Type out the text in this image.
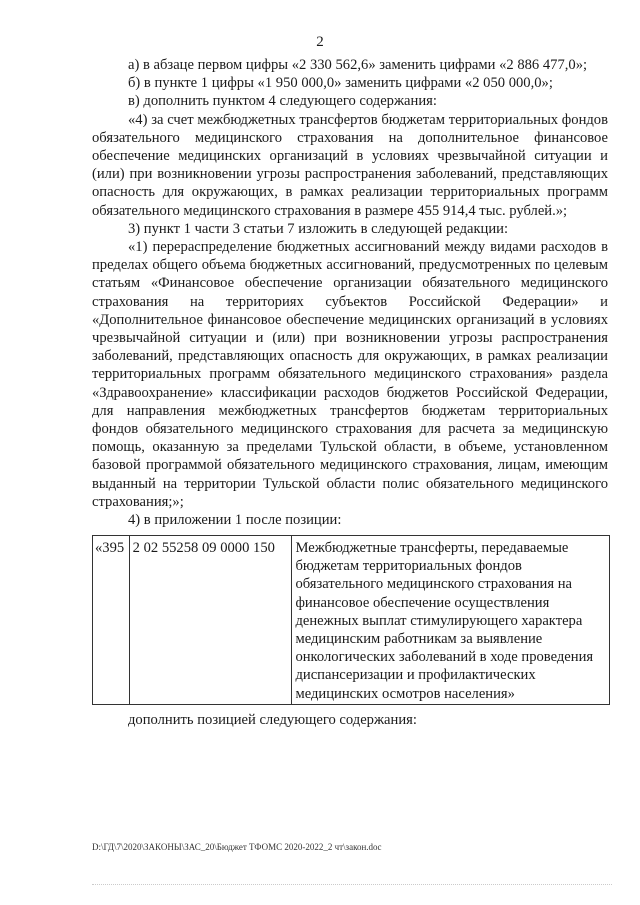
2

а) в абзаце первом цифры «2 330 562,6» заменить цифрами «2 886 477,0»;

б) в пункте 1 цифры «1 950 000,0» заменить цифрами «2 050 000,0»;

в) дополнить пунктом 4 следующего содержания:

«4) за счет межбюджетных трансфертов бюджетам территориальных фондов обязательного медицинского страхования на дополнительное финансовое обеспечение медицинских организаций в условиях чрезвычайной ситуации и (или) при возникновении угрозы распространения заболеваний, представляющих опасность для окружающих, в рамках реализации территориальных программ обязательного медицинского страхования в размере 455 914,4 тыс. рублей.»;

3) пункт 1 части 3 статьи 7 изложить в следующей редакции:

«1) перераспределение бюджетных ассигнований между видами расходов в пределах общего объема бюджетных ассигнований, предусмотренных по целевым статьям «Финансовое обеспечение организации обязательного медицинского страхования на территориях субъектов Российской Федерации» и «Дополнительное финансовое обеспечение медицинских организаций в условиях чрезвычайной ситуации и (или) при возникновении угрозы распространения заболеваний, представляющих опасность для окружающих, в рамках реализации территориальных программ обязательного медицинского страхования» раздела «Здравоохранение» классификации расходов бюджетов Российской Федерации, для направления межбюджетных трансфертов бюджетам территориальных фондов обязательного медицинского страхования для расчета за медицинскую помощь, оказанную за пределами Тульской области, в объеме, установленном базовой программой обязательного медицинского страхования, лицам, имеющим выданный на территории Тульской области полис обязательного медицинского страхования;»;

4) в приложении 1 после позиции:

«395	2 02 55258 09 0000 150	Межбюджетные трансферты, передаваемые бюджетам территориальных фондов обязательного медицинского страхования на финансовое обеспечение осуществления денежных выплат стимулирующего характера медицинским работникам за выявление онкологических заболеваний в ходе проведения диспансеризации и профилактических медицинских осмотров населения»
дополнить позицией следующего содержания:
D:\ГД\7\2020\ЗАКОНЫ\ЗАС_20\Бюджет ТФОМС 2020-2022_2 чт\закон.doc
